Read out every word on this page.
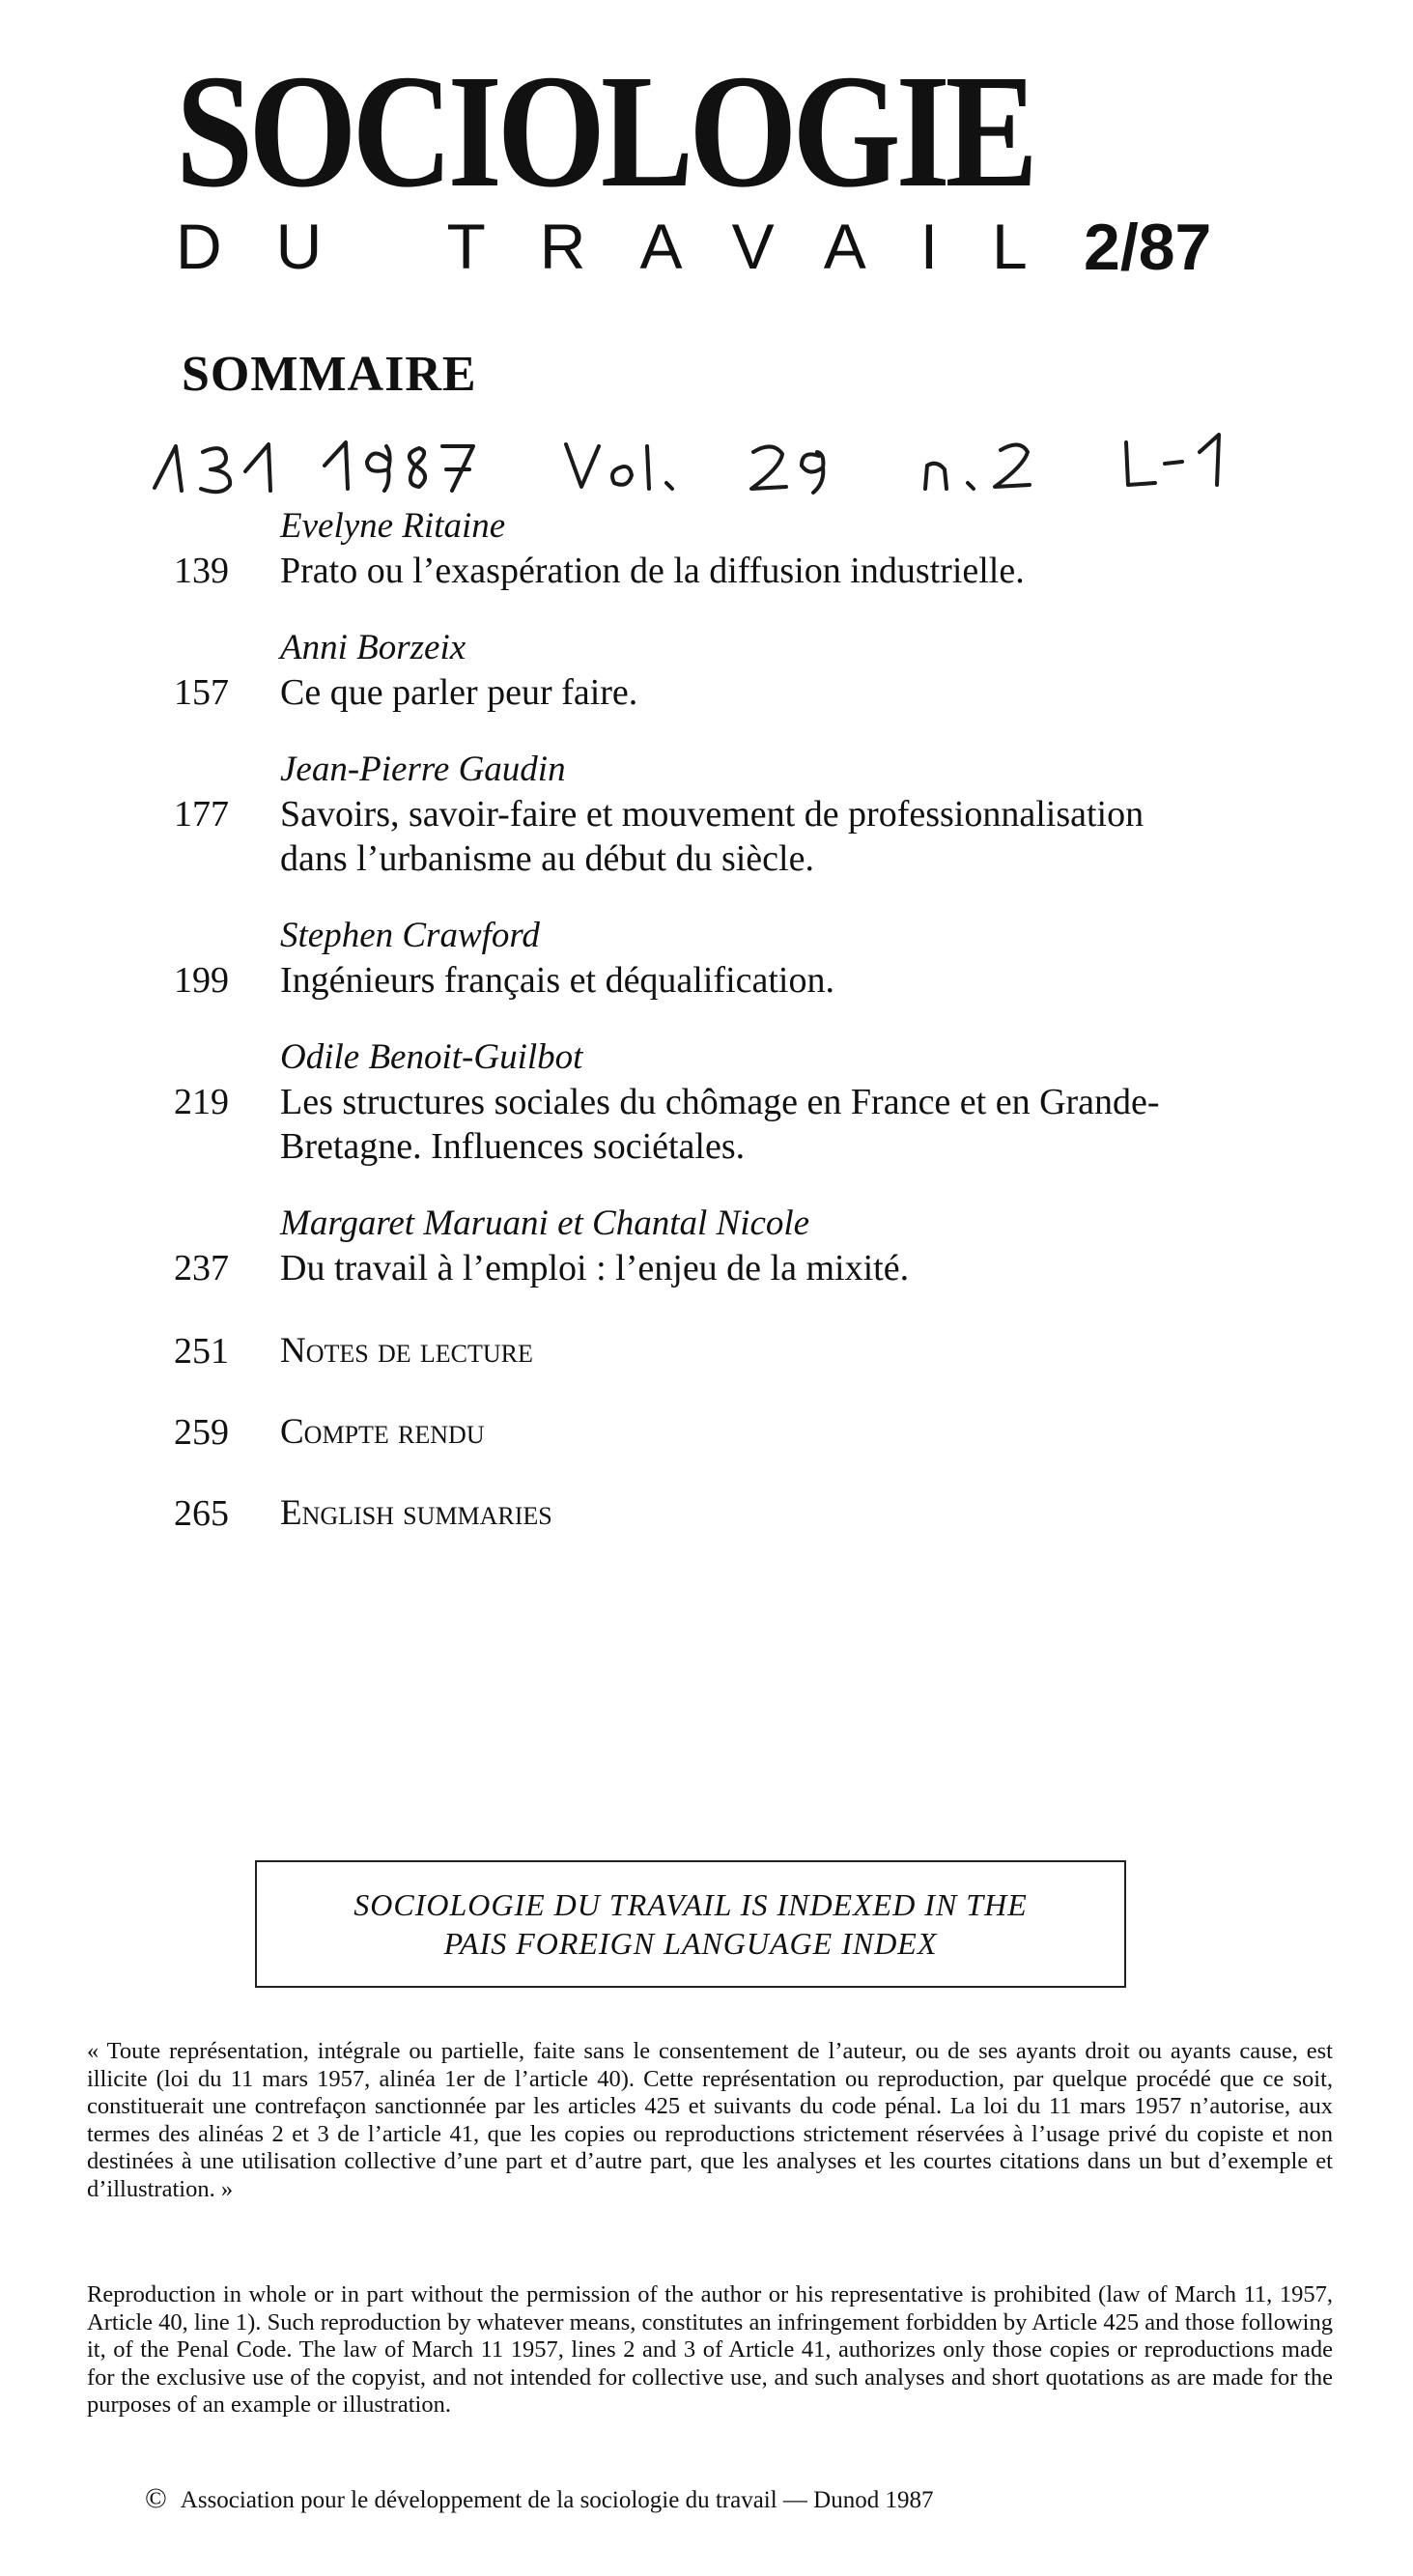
SOCIOLOGIE
DU TRAVAIL 2/87
SOMMAIRE
Evelyne Ritaine
139	Prato ou l’exaspération de la diffusion industrielle.
Anni Borzeix
157	Ce que parler peur faire.
Jean-Pierre Gaudin
177	Savoirs, savoir-faire et mouvement de professionnalisation
dans l’urbanisme au début du siècle.
Stephen Crawford
199	Ingénieurs français et déqualification.
Odile Benoit-Guilbot
219	Les structures sociales du chômage en France et en Grande-
Bretagne. Influences sociétales.
Margaret Maruani et Chantal Nicole
237	Du travail à l’emploi : l’enjeu de la mixité.
251	Notes de lecture
259	Compte rendu
265	English summaries
SOCIOLOGIE DU TRAVAIL IS INDEXED IN THE
PAIS FOREIGN LANGUAGE INDEX
« Toute représentation, intégrale ou partielle, faite sans le consentement de l’auteur, ou de ses ayants droit ou ayants cause, est illicite (loi du 11 mars 1957, alinéa 1er de l’article 40). Cette représentation ou reproduction, par quelque procédé que ce soit, constituerait une contrefaçon sanctionnée par les articles 425 et suivants du code pénal. La loi du 11 mars 1957 n’autorise, aux termes des alinéas 2 et 3 de l’article 41, que les copies ou reproductions strictement réservées à l’usage privé du copiste et non destinées à une utilisation collective d’une part et d’autre part, que les analyses et les courtes citations dans un but d’exemple et d’illustration. »
Reproduction in whole or in part without the permission of the author or his representative is prohibited (law of March 11, 1957, Article 40, line 1). Such reproduction by whatever means, constitutes an infringement forbidden by Article 425 and those following it, of the Penal Code. The law of March 11 1957, lines 2 and 3 of Article 41, authorizes only those copies or reproductions made for the exclusive use of the copyist, and not intended for collective use, and such analyses and short quotations as are made for the purposes of an example or illustration.
© Association pour le développement de la sociologie du travail — Dunod 1987
